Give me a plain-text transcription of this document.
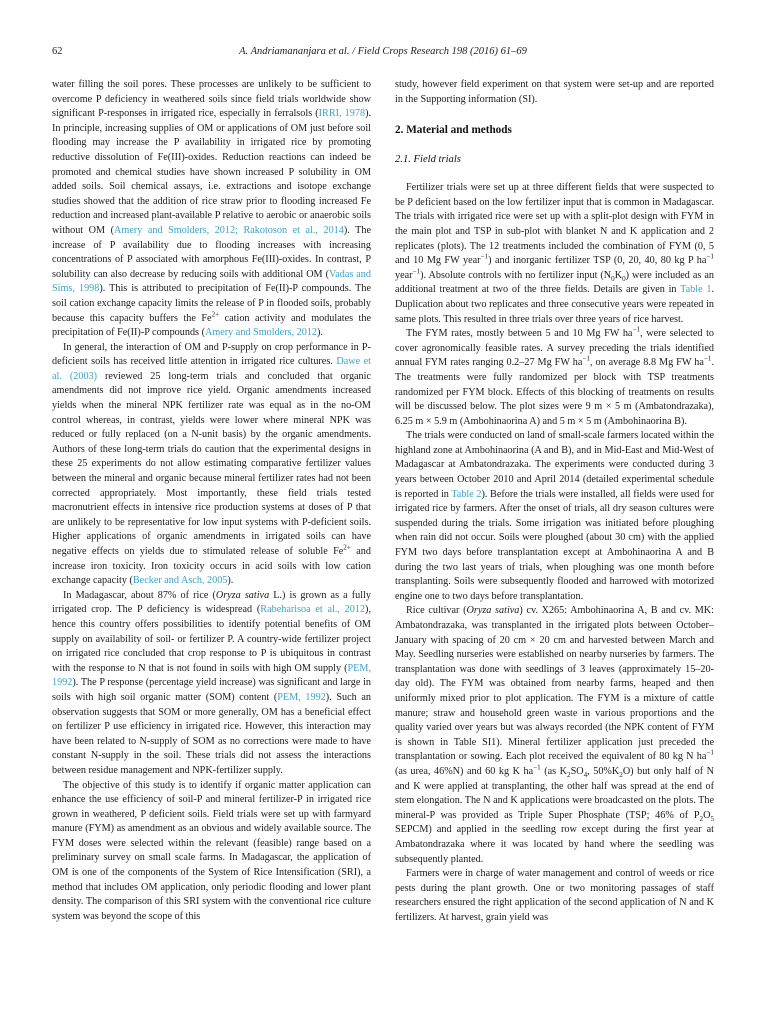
62	A. Andriamananjara et al. / Field Crops Research 198 (2016) 61–69

water filling the soil pores. These processes are unlikely to be sufficient to overcome P deficiency in weathered soils since field trials worldwide show significant P-responses in irrigated rice, especially in ferralsols (IRRI, 1978). In principle, increasing supplies of OM or applications of OM just before soil flooding may increase the P availability in irrigated rice by promoting reductive dissolution of Fe(III)-oxides. Reduction reactions can indeed be promoted and chemical studies have shown increased P solubility in OM added soils. Soil chemical assays, i.e. extractions and isotope exchange studies showed that the addition of rice straw prior to flooding increased Fe reduction and increased plant-available P relative to aerobic or anaerobic soils without OM (Amery and Smolders, 2012; Rakotoson et al., 2014). The increase of P availability due to flooding increases with increasing concentrations of P associated with amorphous Fe(III)-oxides. In contrast, P solubility can also decrease by reducing soils with additional OM (Vadas and Sims, 1998). This is attributed to precipitation of Fe(II)-P compounds. The soil cation exchange capacity limits the release of P in flooded soils, probably because this capacity buffers the $Fe^{2+}$ cation activity and modulates the precipitation of Fe(II)-P compounds (Amery and Smolders, 2012).

In general, the interaction of OM and P-supply on crop performance in P-deficient soils has received little attention in irrigated rice cultures. Dawe et al. (2003) reviewed 25 long-term trials and concluded that organic amendments did not improve rice yield. Organic amendments increased yields when the mineral NPK fertilizer rate was equal as in the no-OM control whereas, in contrast, yields were lower where mineral NPK was reduced or fully replaced (on a N-unit basis) by the organic amendments. Authors of these long-term trials do caution that the experimental designs in these 25 experiments do not allow estimating comparative fertilizer values between the mineral and organic because mineral fertilizer rates had not been corrected appropriately. Most importantly, these field trials tested macronutrient effects in intensive rice production systems at doses of P that are unlikely to be representative for low input systems with P-deficient soils. Higher applications of organic amendments in irrigated soils can have negative effects on yields due to stimulated release of soluble $Fe^{2+}$ and increase iron toxicity. Iron toxicity occurs in acid soils with low cation exchange capacity (Becker and Asch, 2005).

In Madagascar, about 87% of rice (Oryza sativa L.) is grown as a fully irrigated crop. The P deficiency is widespread (Rabeharisoa et al., 2012), hence this country offers possibilities to identify potential benefits of OM supply on availability of soil- or fertilizer P. A country-wide fertilizer project on irrigated rice concluded that crop response to P is ubiquitous in contrast with the response to N that is not found in soils with high OM supply (PEM, 1992). The P response (percentage yield increase) was significant and large in soils with high soil organic matter (SOM) content (PEM, 1992). Such an observation suggests that SOM or more generally, OM has a beneficial effect on fertilizer P use efficiency in irrigated rice. However, this interaction may have been related to N-supply of SOM as no corrections were made to have constant N-supply in the soil. These trials did not assess the interactions between residue management and NPK-fertilizer supply.

The objective of this study is to identify if organic matter application can enhance the use efficiency of soil-P and mineral fertilizer-P in irrigated rice grown in weathered, P deficient soils. Field trials were set up with farmyard manure (FYM) as amendment as an obvious and widely available source. The FYM doses were selected within the relevant (feasible) range based on a preliminary survey on small scale farms. In Madagascar, the application of OM is one of the components of the System of Rice Intensification (SRI), a method that includes OM application, only periodic flooding and lower plant density. The comparison of this SRI system with the conventional rice culture system was beyond the scope of this

study, however field experiment on that system were set-up and are reported in the Supporting information (SI).

2. Material and methods
2.1. Field trials

Fertilizer trials were set up at three different fields that were suspected to be P deficient based on the low fertilizer input that is common in Madagascar. The trials with irrigated rice were set up with a split-plot design with FYM in the main plot and TSP in sub-plot with blanket N and K application and 2 replicates (plots). The 12 treatments included the combination of FYM (0, 5 and 10 Mg FW year$^{-1}$) and inorganic fertilizer TSP (0, 20, 40, 80 kg P $ha^{-1}$ year$^{-1}$). Absolute controls with no fertilizer input $(N_0K_0)$ were included as an additional treatment at two of the three fields. Details are given in Table 1. Duplication about two replicates and three consecutive years were repeated in same plots. This resulted in three trials over three years of rice harvest.

The FYM rates, mostly between 5 and 10 Mg FW $ha^{-1}$, were selected to cover agronomically feasible rates. A survey preceding the trials identified annual FYM rates ranging 0.2–27 Mg FW $ha^{-1}$, on average 8.8 Mg FW $ha^{-1}$. The treatments were fully randomized per block with TSP treatments randomized per FYM block. Effects of this blocking of treatments on results will be discussed below. The plot sizes were 9 m × 5 m (Ambatondrazaka), 6.25 m × 5.9 m (Ambohinaorina A) and 5 m × 5 m (Ambohinaorina B).

The trials were conducted on land of small-scale farmers located within the highland zone at Ambohinaorina (A and B), and in Mid-East and Mid-West of Madagascar at Ambatondrazaka. The experiments were conducted during 3 years between October 2010 and April 2014 (detailed experimental schedule is reported in Table 2). Before the trials were installed, all fields were used for irrigated rice by farmers. After the onset of trials, all dry season cultures were suspended during the trials. Some irrigation was initiated before ploughing when rain did not occur. Soils were ploughed (about 30 cm) with the applied FYM two days before transplantation except at Ambohinaorina A and B during the two last years of trials, when ploughing was one month before transplanting. Soils were subsequently flooded and harrowed with motorized engine one to two days before transplantation.

Rice cultivar (Oryza sativa) cv. X265: Ambohinaorina A, B and cv. MK: Ambatondrazaka, was transplanted in the irrigated plots between October–January with spacing of 20 cm × 20 cm and harvested between March and May. Seedling nurseries were established on nearby nurseries by farmers. The transplantation was done with seedlings of 3 leaves (approximately 15–20-day old). The FYM was obtained from nearby farms, heaped and then uniformly mixed prior to plot application. The FYM is a mixture of cattle manure; straw and household green waste in various proportions and the quality varied over years but was always recorded (the NPK content of FYM is shown in Table SI1). Mineral fertilizer application just preceded the transplantation or sowing. Each plot received the equivalent of 80 kg N $ha^{-1}$ (as urea, 46%N) and 60 kg K $ha^{-1}$ (as $K_2SO_4$, $50\%K_2O$) but only half of N and K were applied at transplanting, the other half was spread at the end of stem elongation. The N and K applications were broadcasted on the plots. The mineral-P was provided as Triple Super Phosphate (TSP; 46% of $P_2O_5$ SEPCM) and applied in the seedling row except during the first year at Ambatondrazaka where it was located by hand where the seedling was subsequently planted.

Farmers were in charge of water management and control of weeds or rice pests during the plant growth. One or two monitoring passages of staff researchers ensured the right application of the second application of N and K fertilizers. At harvest, grain yield was
